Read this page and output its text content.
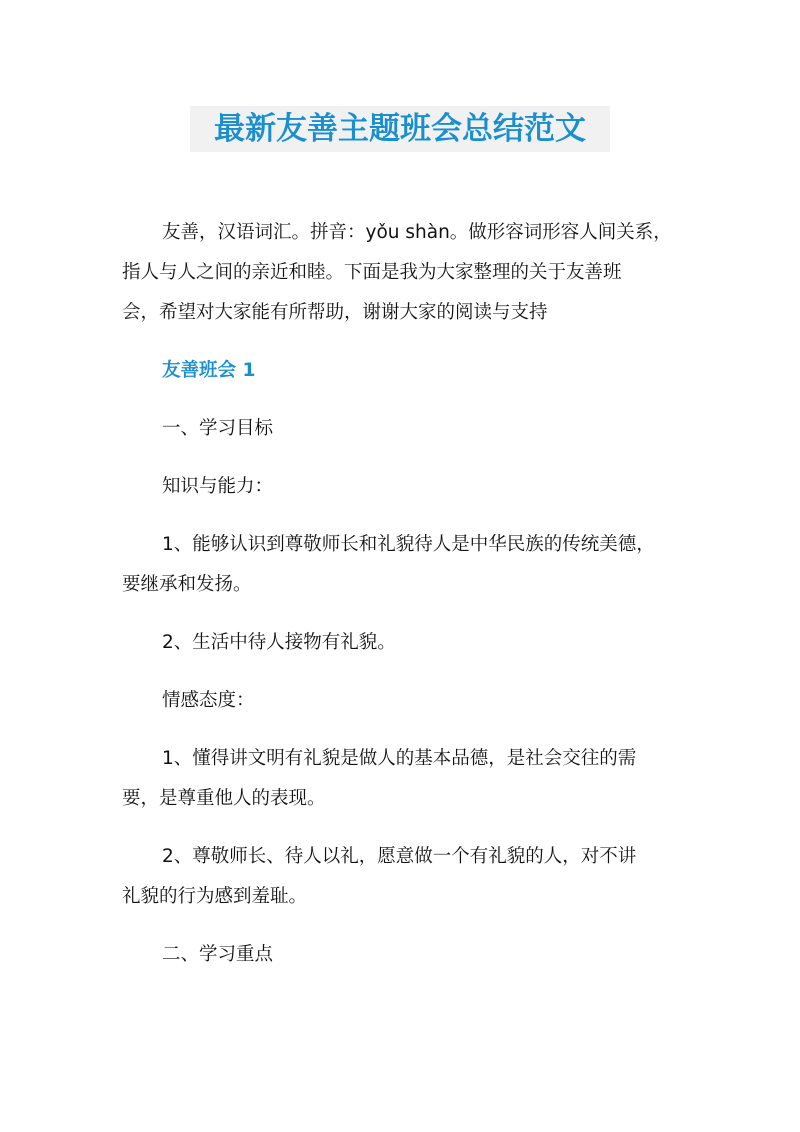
最新友善主题班会总结范文

友善，汉语词汇。拼音：yǒu shàn。做形容词形容人间关系，
指人与人之间的亲近和睦。下面是我为大家整理的关于友善班
会，希望对大家能有所帮助，谢谢大家的阅读与支持

友善班会 1

一、学习目标

知识与能力：

1、能够认识到尊敬师长和礼貌待人是中华民族的传统美德，
要继承和发扬。

2、生活中待人接物有礼貌。

情感态度：

1、懂得讲文明有礼貌是做人的基本品德，是社会交往的需
要，是尊重他人的表现。

2、尊敬师长、待人以礼，愿意做一个有礼貌的人，对不讲
礼貌的行为感到羞耻。

二、学习重点
